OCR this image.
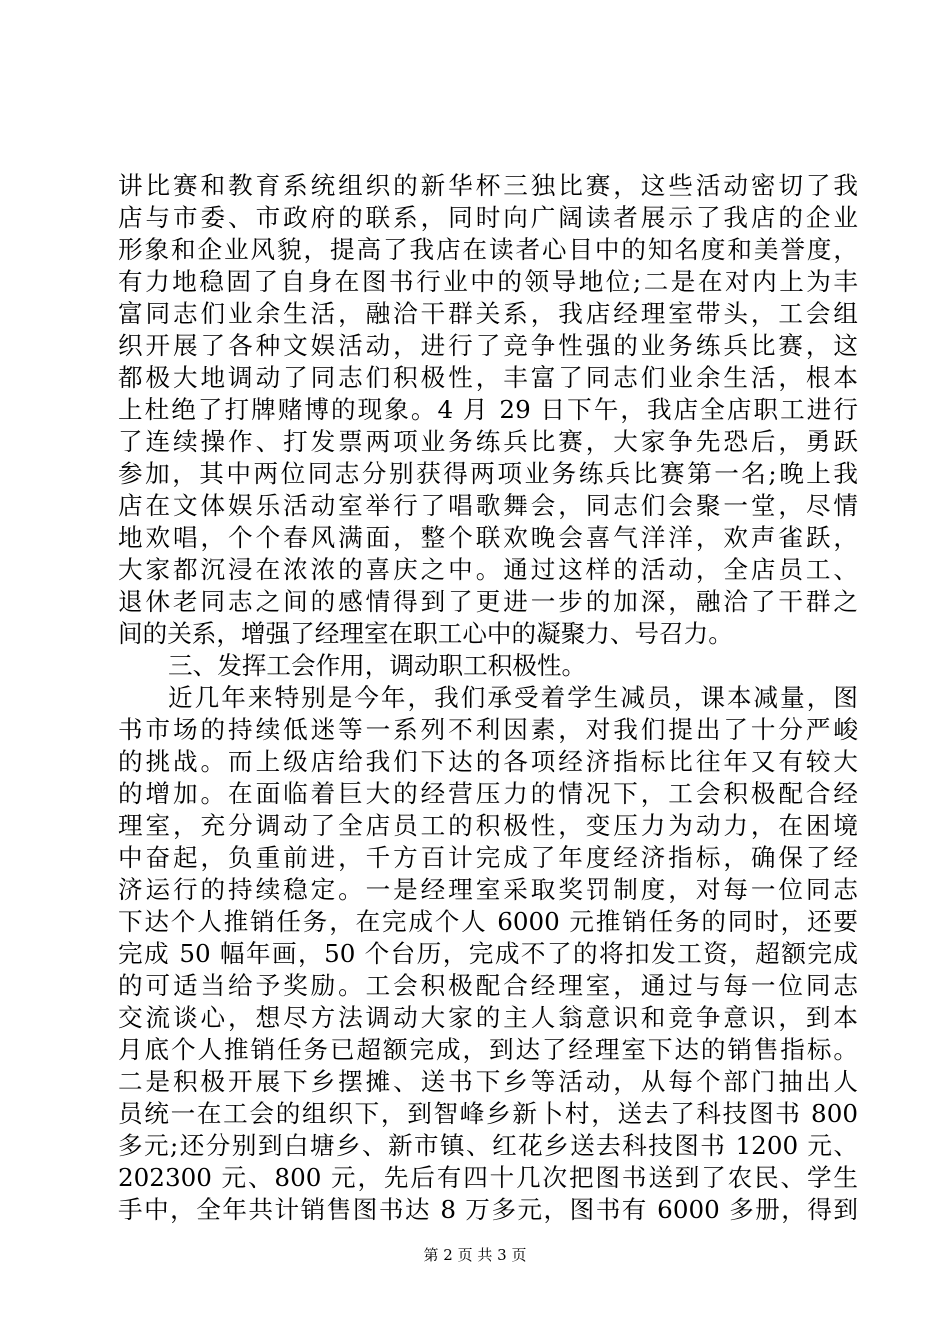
讲比赛和教育系统组织的新华杯三独比赛，这些活动密切了我
店与市委、市政府的联系，同时向广阔读者展示了我店的企业
形象和企业风貌，提高了我店在读者心目中的知名度和美誉度，
有力地稳固了自身在图书行业中的领导地位;二是在对内上为丰
富同志们业余生活，融洽干群关系，我店经理室带头，工会组
织开展了各种文娱活动，进行了竞争性强的业务练兵比赛，这
都极大地调动了同志们积极性，丰富了同志们业余生活，根本
上杜绝了打牌赌博的现象。4 月 29 日下午，我店全店职工进行
了连续操作、打发票两项业务练兵比赛，大家争先恐后，勇跃
参加，其中两位同志分别获得两项业务练兵比赛第一名;晚上我
店在文体娱乐活动室举行了唱歌舞会，同志们会聚一堂，尽情
地欢唱，个个春风满面，整个联欢晚会喜气洋洋，欢声雀跃，
大家都沉浸在浓浓的喜庆之中。通过这样的活动，全店员工、
退休老同志之间的感情得到了更进一步的加深，融洽了干群之
间的关系，增强了经理室在职工心中的凝聚力、号召力。
三、发挥工会作用，调动职工积极性。
近几年来特别是今年，我们承受着学生减员，课本减量，图
书市场的持续低迷等一系列不利因素，对我们提出了十分严峻
的挑战。而上级店给我们下达的各项经济指标比往年又有较大
的增加。在面临着巨大的经营压力的情况下，工会积极配合经
理室，充分调动了全店员工的积极性，变压力为动力，在困境
中奋起，负重前进，千方百计完成了年度经济指标，确保了经
济运行的持续稳定。一是经理室采取奖罚制度，对每一位同志
下达个人推销任务，在完成个人 6000 元推销任务的同时，还要
完成 50 幅年画，50 个台历，完成不了的将扣发工资，超额完成
的可适当给予奖励。工会积极配合经理室，通过与每一位同志
交流谈心，想尽方法调动大家的主人翁意识和竞争意识，到本
月底个人推销任务已超额完成，到达了经理室下达的销售指标。
二是积极开展下乡摆摊、送书下乡等活动，从每个部门抽出人
员统一在工会的组织下，到智峰乡新卜村，送去了科技图书 800
多元;还分别到白塘乡、新市镇、红花乡送去科技图书 1200 元、
202300 元、800 元，先后有四十几次把图书送到了农民、学生
手中，全年共计销售图书达 8 万多元，图书有 6000 多册，得到
第 2 页 共 3 页
